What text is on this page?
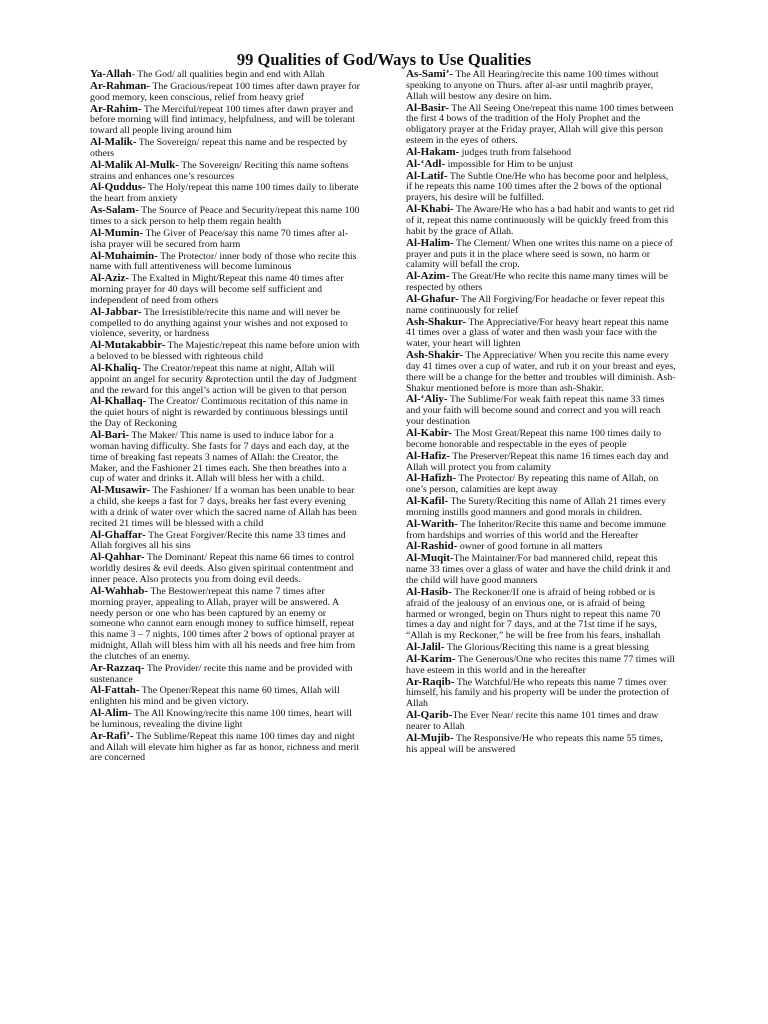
99 Qualities of God/Ways to Use Qualities

Ya-Allah- The God/ all qualities begin and end with Allah

Ar-Rahman- The Gracious/repeat 100 times after dawn prayer for good memory, keen conscious, relief from heavy grief

Ar-Rahim- The Merciful/repeat 100 times after dawn prayer and before morning will find intimacy, helpfulness, and will be tolerant toward all people living around him

Al-Malik- The Sovereign/ repeat this name and be respected by others

Al-Malik Al-Mulk- The Sovereign/ Reciting this name softens strains and enhances one’s resources

Al-Quddus- The Holy/repeat this name 100 times daily to liberate the heart from anxiety

As-Salam- The Source of Peace and Security/repeat this name 100 times to a sick person to help them regain health

Al-Mumin- The Giver of Peace/say this name 70 times after al-isha prayer will be secured from harm

Al-Muhaimin- The Protector/ inner body of those who recite this name with full attentiveness will become luminous

Al-Aziz- The Exalted in Might/Repeat this name 40 times after morning prayer for 40 days will become self sufficient and independent of need from others

Al-Jabbar- The Irresistible/recite this name and will never be compelled to do anything against your wishes and not exposed to violence, severity, or hardness

Al-Mutakabbir- The Majestic/repeat this name before union with a beloved to be blessed with righteous child

Al-Khaliq- The Creator/repeat this name at night, Allah will appoint an angel for security &protection until the day of Judgment and the reward for this angel’s action will be given to that person

Al-Khallaq- The Creator/ Continuous recitation of this name in the quiet hours of night is rewarded by continuous blessings until the Day of Reckoning

Al-Bari- The Maker/ This name is used to induce labor for a woman having difficulty. She fasts for 7 days and each day, at the time of breaking fast repeats 3 names of Allah: the Creator, the Maker, and the Fashioner 21 times each. She then breathes into a cup of water and drinks it. Allah will bless her with a child.

Al-Musawir- The Fashioner/ If a woman has been unable to bear a child, she keeps a fast for 7 days, breaks her fast every evening with a drink of water over which the sacred name of Allah has been recited 21 times will be blessed with a child

Al-Ghaffar- The Great Forgiver/Recite this name 33 times and Allah forgives all his sins

Al-Qahhar- The Dominant/ Repeat this name 66 times to control worldly desires & evil deeds. Also given spiritual contentment and inner peace. Also protects you from doing evil deeds.

Al-Wahhab- The Bestower/repeat this name 7 times after morning prayer, appealing to Allah, prayer will be answered. A needy person or one who has been captured by an enemy or someone who cannot earn enough money to suffice himself, repeat this name 3 – 7 nights, 100 times after 2 bows of optional prayer at midnight, Allah will bless him with all his needs and free him from the clutches of an enemy.

Ar-Razzaq- The Provider/ recite this name and be provided with sustenance

Al-Fattah- The Opener/Repeat this name 60 times, Allah will enlighten his mind and be given victory.

Al-Alim- The All Knowing/recite this name 100 times, heart will be luminous, revealing the divine light

Ar-Rafi’- The Sublime/Repeat this name 100 times day and night and Allah will elevate him higher as far as honor, richness and merit are concerned

As-Sami’- The All Hearing/recite this name 100 times without speaking to anyone on Thurs. after al-asr until maghrib prayer, Allah will bestow any desire on him.

Al-Basir- The All Seeing One/repeat this name 100 times between the first 4 bows of the tradition of the Holy Prophet and the obligatory prayer at the Friday prayer, Allah will give this person esteem in the eyes of others.

Al-Hakam- judges truth from falsehood

Al-‘Adl- impossible for Him to be unjust

Al-Latif- The Subtle One/He who has become poor and helpless, if he repeats this name 100 times after the 2 bows of the optional prayers, his desire will be fulfilled.

Al-Khabi- The Aware/He who has a bad habit and wants to get rid of it, repeat this name continuously will be quickly freed from this habit by the grace of Allah.

Al-Halim- The Clement/ When one writes this name on a piece of prayer and puts it in the place where seed is sown, no harm or calamity will befall the crop.

Al-Azim- The Great/He who recite this name many times will be respected by others

Al-Ghafur- The All Forgiving/For headache or fever repeat this name continuously for relief

Ash-Shakur- The Appreciative/For heavy heart repeat this name 41 times over a glass of water and then wash your face with the water, your heart will lighten

Ash-Shakir- The Appreciative/ When you recite this name every day 41 times over a cup of water, and rub it on your breast and eyes, there will be a change for the better and troubles will diminish. Ash-Shakur mentioned before is more than ash-Shakir.

Al-‘Aliy- The Sublime/For weak faith repeat this name 33 times and your faith will become sound and correct and you will reach your destination

Al-Kabir- The Most Great/Repeat this name 100 times daily to become honorable and respectable in the eyes of people

Al-Hafiz- The Preserver/Repeat this name 16 times each day and Allah will protect you from calamity

Al-Hafizh- The Protector/ By repeating this name of Allah, on one’s person, calamities are kept away

Al-Kafil- The Surety/Reciting this name of Allah 21 times every morning instills good manners and good morals in children.

Al-Warith- The Inheritor/Recite this name and become immune from hardships and worries of this world and the Hereafter

Al-Rashid- owner of good fortune in all matters

Al-Muqit-The Maintainer/For bad mannered child, repeat this name 33 times over a glass of water and have the child drink it and the child will have good manners

Al-Hasib- The Reckoner/If one is afraid of being robbed or is afraid of the jealousy of an envious one, or is afraid of being harmed or wronged, begin on Thurs night to repeat this name 70 times a day and night for 7 days, and at the 71st time if he says, “Allah is my Reckoner,” he will be free from his fears, inshallah

Al-Jalil- The Glorious/Reciting this name is a great blessing

Al-Karim- The Generous/One who recites this name 77 times will have esteem in this world and in the hereafter

Ar-Raqib- The Watchful/He who repeats this name 7 times over himself, his family and his property will be under the protection of Allah

Al-Qarib-The Ever Near/ recite this name 101 times and draw nearer to Allah

Al-Mujib- The Responsive/He who repeats this name 55 times, his appeal will be answered
